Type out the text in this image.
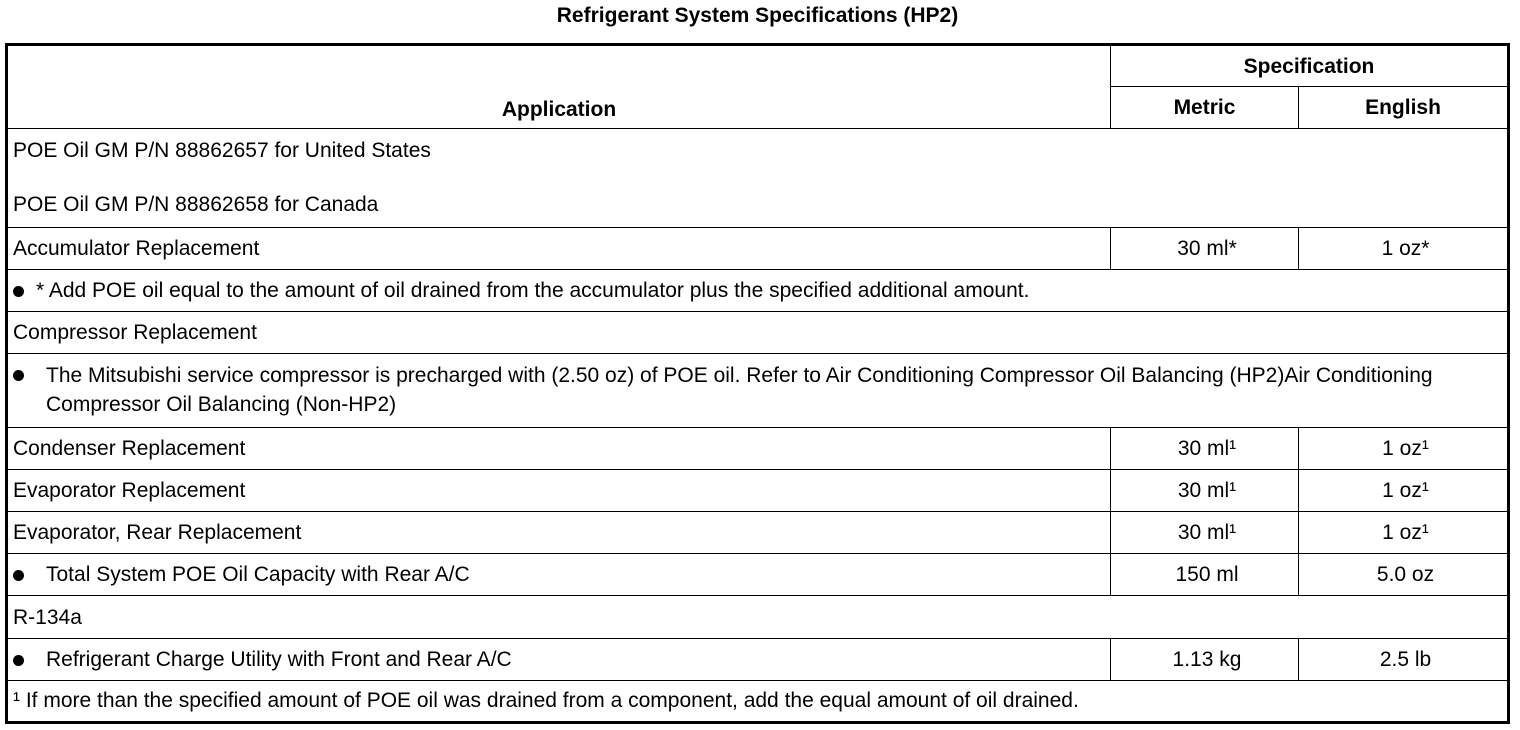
Refrigerant System Specifications (HP2)
Application	Specification	
	Metric	English

POE Oil GM P/N 88862657 for United States
POE Oil GM P/N 88862658 for Canada		

Accumulator Replacement	30 ml*	1 oz*

* Add POE oil equal to the amount of oil drained from the accumulator plus the specified additional amount.		

Compressor Replacement		

The Mitsubishi service compressor is precharged with (2.50 oz) of POE oil. Refer to Air Conditioning Compressor Oil Balancing (HP2)Air Conditioning Compressor Oil Balancing (Non-HP2)		

Condenser Replacement	30 ml¹	1 oz¹
Evaporator Replacement	30 ml¹	1 oz¹
Evaporator, Rear Replacement	30 ml¹	1 oz¹

Total System POE Oil Capacity with Rear A/C	150 ml	5.0 oz
R-134a		

Refrigerant Charge Utility with Front and Rear A/C	1.13 kg	2.5 lb
¹ If more than the specified amount of POE oil was drained from a component, add the equal amount of oil drained.		
